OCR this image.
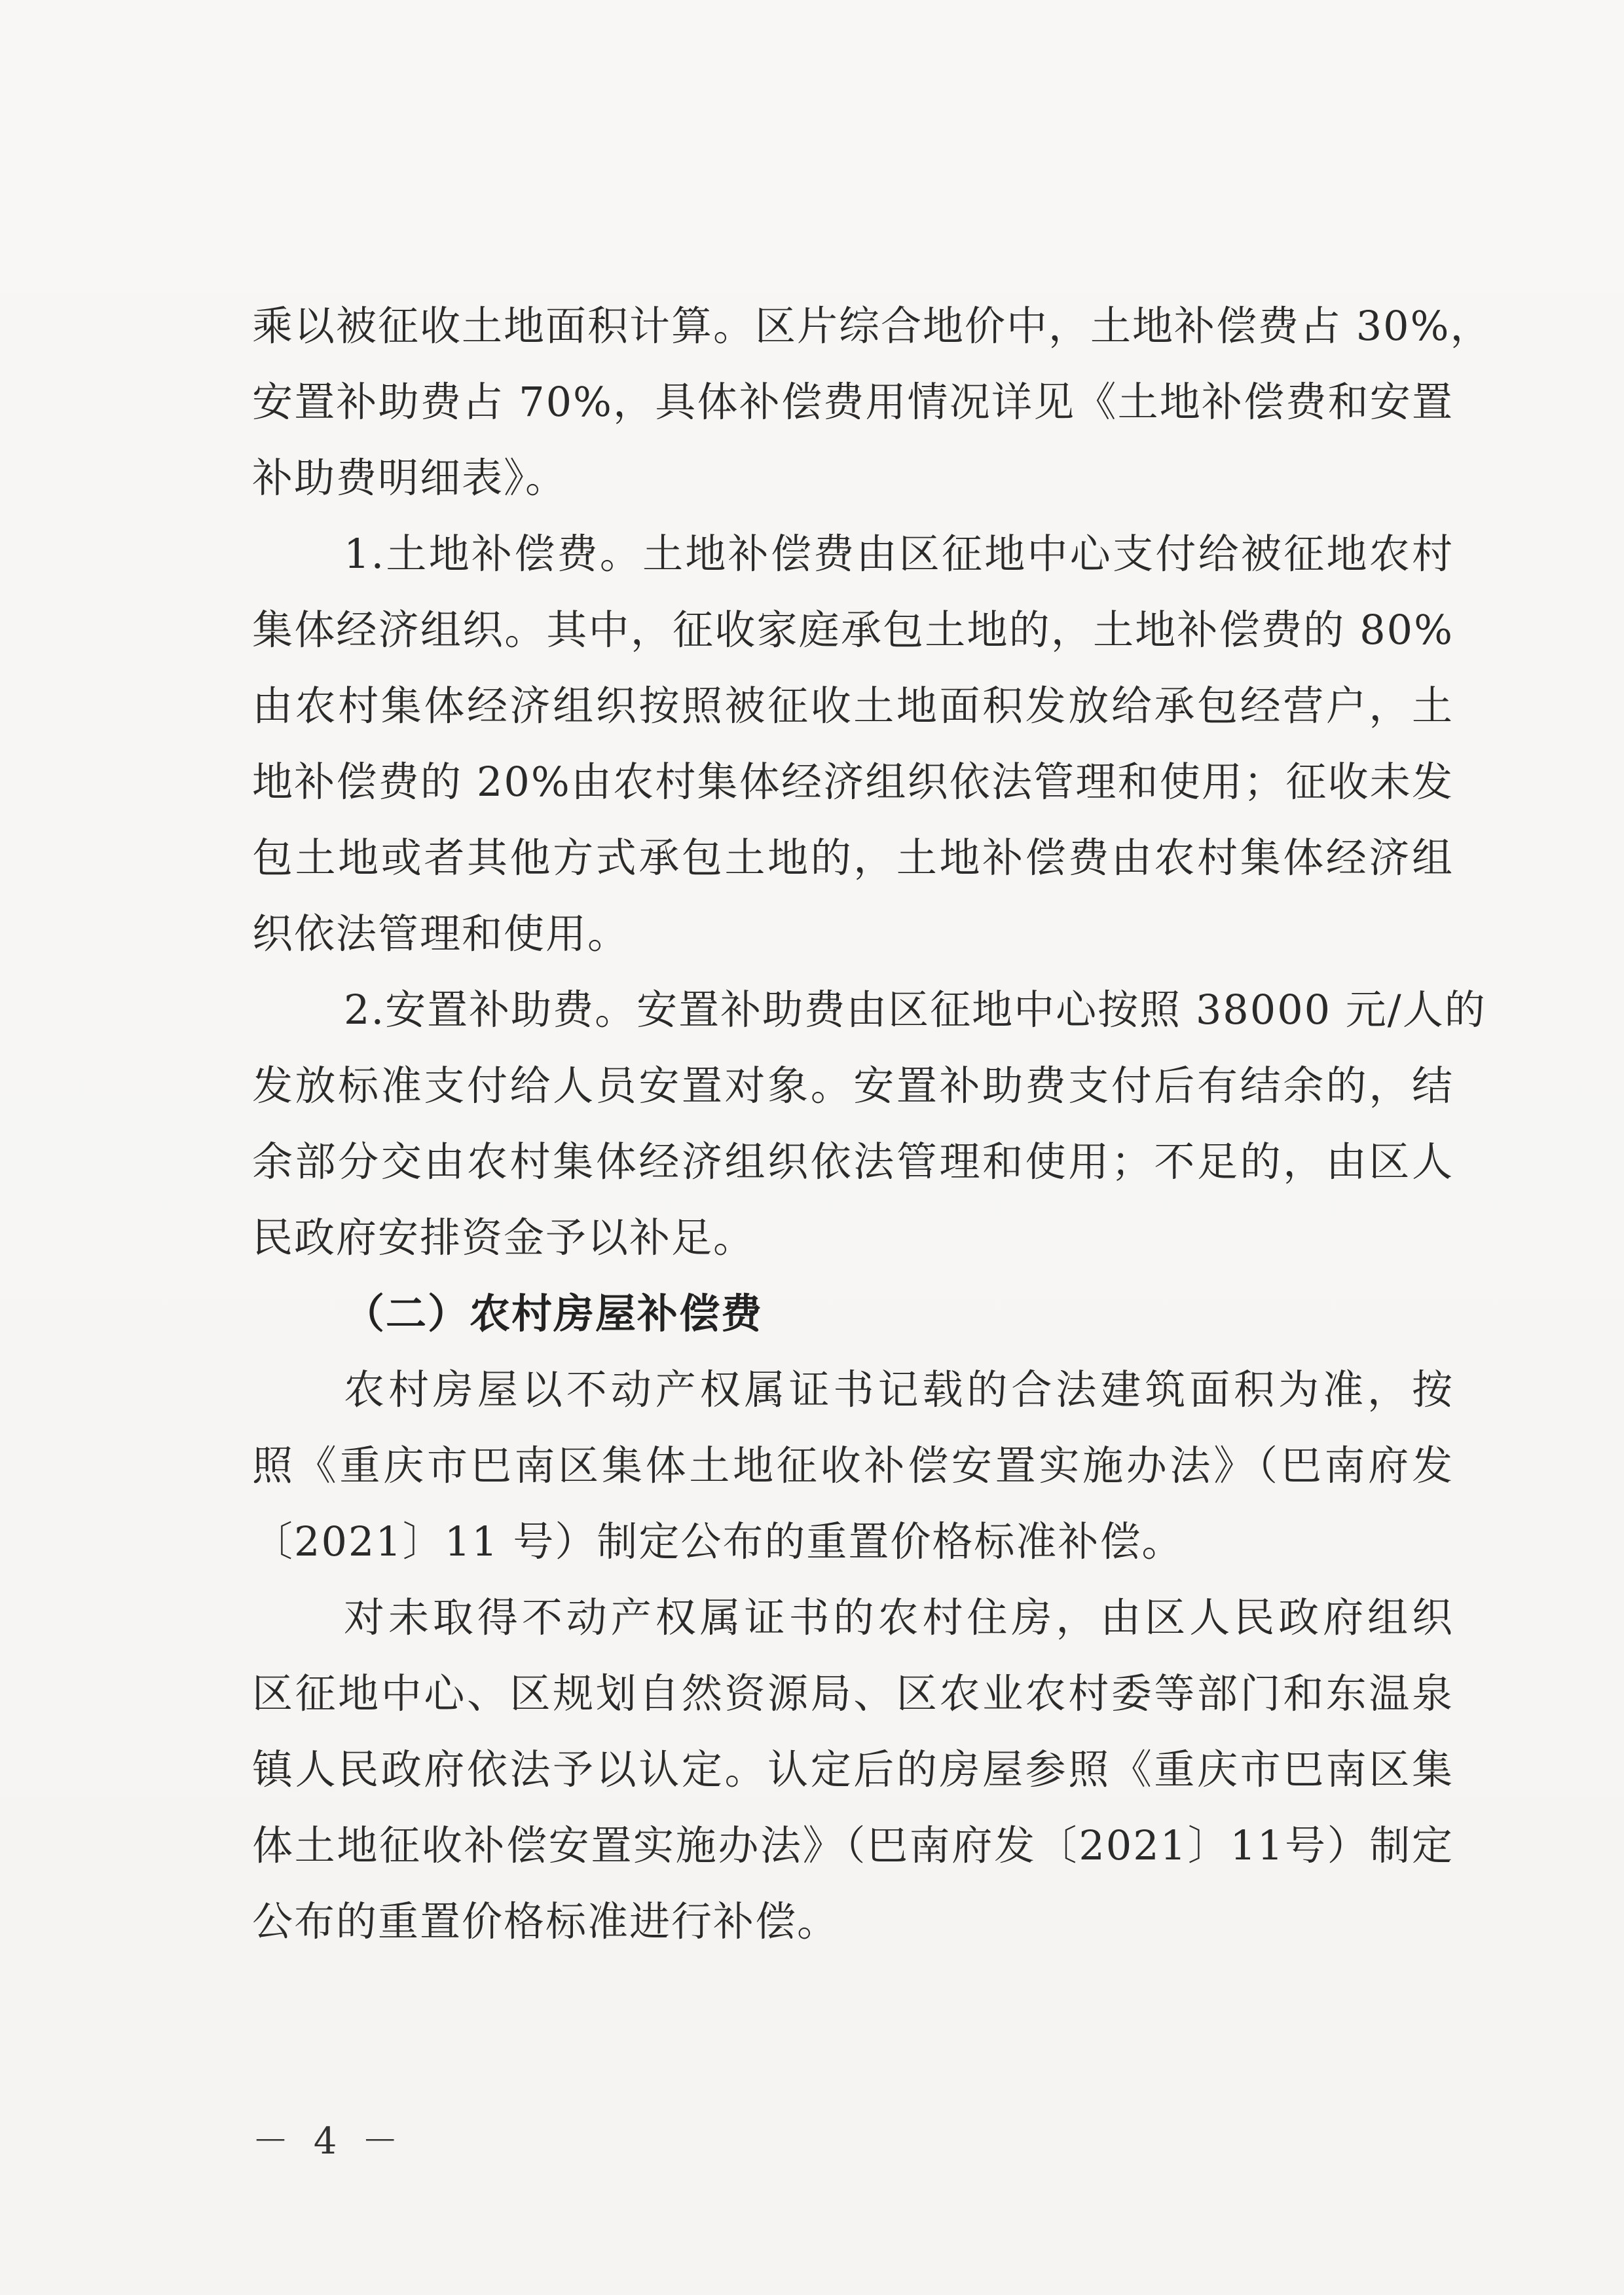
乘以被征收土地面积计算。区片综合地价中，土地补偿费占 30%，
安置补助费占 70%，具体补偿费用情况详见《土地补偿费和安置
补助费明细表》。
1.土地补偿费。土地补偿费由区征地中心支付给被征地农村
集体经济组织。其中，征收家庭承包土地的，土地补偿费的 80%
由农村集体经济组织按照被征收土地面积发放给承包经营户，土
地补偿费的 20%由农村集体经济组织依法管理和使用；征收未发
包土地或者其他方式承包土地的，土地补偿费由农村集体经济组
织依法管理和使用。
2.安置补助费。安置补助费由区征地中心按照 38000 元/人的
发放标准支付给人员安置对象。安置补助费支付后有结余的，结
余部分交由农村集体经济组织依法管理和使用；不足的，由区人
民政府安排资金予以补足。
（二）农村房屋补偿费
农村房屋以不动产权属证书记载的合法建筑面积为准，按
照《重庆市巴南区集体土地征收补偿安置实施办法》（巴南府发
〔2021〕11 号）制定公布的重置价格标准补偿。
对未取得不动产权属证书的农村住房，由区人民政府组织
区征地中心、区规划自然资源局、区农业农村委等部门和东温泉
镇人民政府依法予以认定。认定后的房屋参照《重庆市巴南区集
体土地征收补偿安置实施办法》（巴南府发〔2021〕11号）制定
公布的重置价格标准进行补偿。
－ 4 －
